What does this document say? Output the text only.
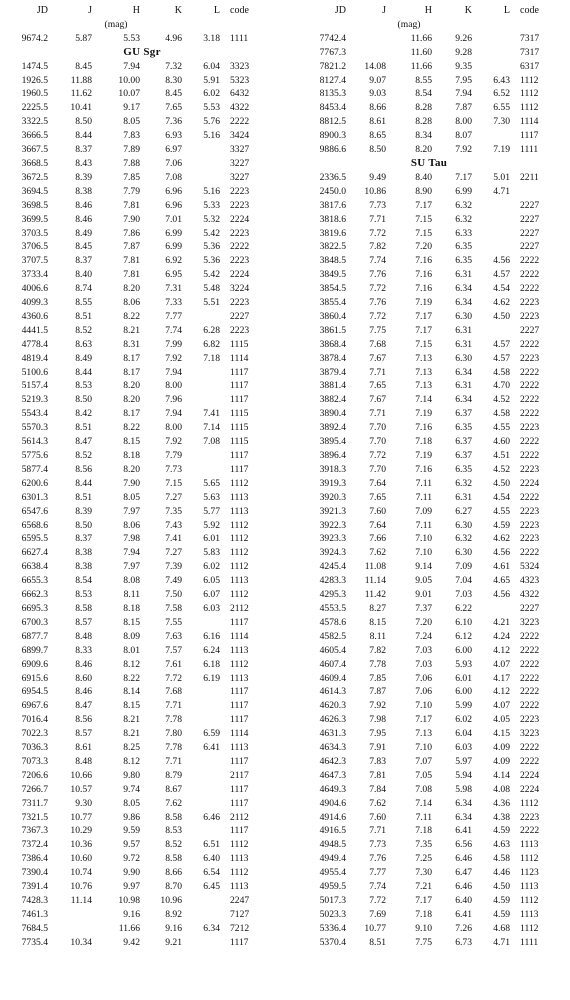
JD	J	H	K	L	code
		(mag)			
9674.2	5.87	5.53	4.96	3.18	1111
GU Sgr					
1474.5	8.45	7.94	7.32	6.04	3323
1926.5	11.88	10.00	8.30	5.91	5323
1960.5	11.62	10.07	8.45	6.02	6432
2225.5	10.41	9.17	7.65	5.53	4322
3322.5	8.50	8.05	7.36	5.76	2222
3666.5	8.44	7.83	6.93	5.16	3424
3667.5	8.37	7.89	6.97		3327
3668.5	8.43	7.88	7.06		3227
3672.5	8.39	7.85	7.08		3227
3694.5	8.38	7.79	6.96	5.16	2223
3698.5	8.46	7.81	6.96	5.33	2223
3699.5	8.46	7.90	7.01	5.32	2224
3703.5	8.49	7.86	6.99	5.42	2223
3706.5	8.45	7.87	6.99	5.36	2222
3707.5	8.37	7.81	6.92	5.36	2223
3733.4	8.40	7.81	6.95	5.42	2224
4006.6	8.74	8.20	7.31	5.48	3224
4099.3	8.55	8.06	7.33	5.51	2223
4360.6	8.51	8.22	7.77		2227
4441.5	8.52	8.21	7.74	6.28	2223
4778.4	8.63	8.31	7.99	6.82	1115
4819.4	8.49	8.17	7.92	7.18	1114
5100.6	8.44	8.17	7.94		1117
5157.4	8.53	8.20	8.00		1117
5219.3	8.50	8.20	7.96		1117
5543.4	8.42	8.17	7.94	7.41	1115
5570.3	8.51	8.22	8.00	7.14	1115
5614.3	8.47	8.15	7.92	7.08	1115
5775.6	8.52	8.18	7.79		1117
5877.4	8.56	8.20	7.73		1117
6200.6	8.44	7.90	7.15	5.65	1112
6301.3	8.51	8.05	7.27	5.63	1113
6547.6	8.39	7.97	7.35	5.77	1113
6568.6	8.50	8.06	7.43	5.92	1112
6595.5	8.37	7.98	7.41	6.01	1112
6627.4	8.38	7.94	7.27	5.83	1112
6638.4	8.38	7.97	7.39	6.02	1112
6655.3	8.54	8.08	7.49	6.05	1113
6662.3	8.53	8.11	7.50	6.07	1112
6695.3	8.58	8.18	7.58	6.03	2112
6700.3	8.57	8.15	7.55		1117
6877.7	8.48	8.09	7.63	6.16	1114
6899.7	8.33	8.01	7.57	6.24	1113
6909.6	8.46	8.12	7.61	6.18	1112
6915.6	8.60	8.22	7.72	6.19	1113
6954.5	8.46	8.14	7.68		1117
6967.6	8.47	8.15	7.71		1117
7016.4	8.56	8.21	7.78		1117
7022.3	8.57	8.21	7.80	6.59	1114
7036.3	8.61	8.25	7.78	6.41	1113
7073.3	8.48	8.12	7.71		1117
7206.6	10.66	9.80	8.79		2117
7266.7	10.57	9.74	8.67		1117
7311.7	9.30	8.05	7.62		1117
7321.5	10.77	9.86	8.58	6.46	2112
7367.3	10.29	9.59	8.53		1117
7372.4	10.36	9.57	8.52	6.51	1112
7386.4	10.60	9.72	8.58	6.40	1113
7390.4	10.74	9.90	8.66	6.54	1112
7391.4	10.76	9.97	8.70	6.45	1113
7428.3	11.14	10.98	10.96		2247
7461.3		9.16	8.92		7127
7684.5		11.66	9.16	6.34	7212
7735.4	10.34	9.42	9.21		1117
JD	J	H	K	L	code
		(mag)			
7742.4		11.66	9.26		7317
7767.3		11.60	9.28		7317
7821.2	14.08	11.66	9.35		6317
8127.4	9.07	8.55	7.95	6.43	1112
8135.3	9.03	8.54	7.94	6.52	1112
8453.4	8.66	8.28	7.87	6.55	1112
8812.5	8.61	8.28	8.00	7.30	1114
8900.3	8.65	8.34	8.07		1117
9886.6	8.50	8.20	7.92	7.19	1111
SU Tau					
2336.5	9.49	8.40	7.17	5.01	2211
2450.0	10.86	8.90	6.99	4.71	
3817.6	7.73	7.17	6.32		2227
3818.6	7.71	7.15	6.32		2227
3819.6	7.72	7.15	6.33		2227
3822.5	7.82	7.20	6.35		2227
3848.5	7.74	7.16	6.35	4.56	2222
3849.5	7.76	7.16	6.31	4.57	2222
3854.5	7.72	7.16	6.34	4.54	2222
3855.4	7.76	7.19	6.34	4.62	2223
3860.4	7.72	7.17	6.30	4.50	2223
3861.5	7.75	7.17	6.31		2227
3868.4	7.68	7.15	6.31	4.57	2222
3878.4	7.67	7.13	6.30	4.57	2223
3879.4	7.71	7.13	6.34	4.58	2222
3881.4	7.65	7.13	6.31	4.70	2222
3882.4	7.67	7.14	6.34	4.52	2222
3890.4	7.71	7.19	6.37	4.58	2222
3892.4	7.70	7.16	6.35	4.55	2223
3895.4	7.70	7.18	6.37	4.60	2222
3896.4	7.72	7.19	6.37	4.51	2222
3918.3	7.70	7.16	6.35	4.52	2223
3919.3	7.64	7.11	6.32	4.50	2224
3920.3	7.65	7.11	6.31	4.54	2222
3921.3	7.60	7.09	6.27	4.55	2223
3922.3	7.64	7.11	6.30	4.59	2223
3923.3	7.66	7.10	6.32	4.62	2223
3924.3	7.62	7.10	6.30	4.56	2222
4245.4	11.08	9.14	7.09	4.61	5324
4283.3	11.14	9.05	7.04	4.65	4323
4295.3	11.42	9.01	7.03	4.56	4322
4553.5	8.27	7.37	6.22		2227
4578.6	8.15	7.20	6.10	4.21	3223
4582.5	8.11	7.24	6.12	4.24	2222
4605.4	7.82	7.03	6.00	4.12	2222
4607.4	7.78	7.03	5.93	4.07	2222
4609.4	7.85	7.06	6.01	4.17	2222
4614.3	7.87	7.06	6.00	4.12	2222
4620.3	7.92	7.10	5.99	4.07	2222
4626.3	7.98	7.17	6.02	4.05	2223
4631.3	7.95	7.13	6.04	4.15	3223
4634.3	7.91	7.10	6.03	4.09	2222
4642.3	7.83	7.07	5.97	4.09	2222
4647.3	7.81	7.05	5.94	4.14	2224
4649.3	7.84	7.08	5.98	4.08	2224
4904.6	7.62	7.14	6.34	4.36	1112
4914.6	7.60	7.11	6.34	4.38	2223
4916.5	7.71	7.18	6.41	4.59	2222
4948.5	7.73	7.35	6.56	4.63	1113
4949.4	7.76	7.25	6.46	4.58	1112
4955.4	7.77	7.30	6.47	4.46	1123
4959.5	7.74	7.21	6.46	4.50	1113
5017.3	7.72	7.17	6.40	4.59	1112
5023.3	7.69	7.18	6.41	4.59	1113
5336.4	10.77	9.10	7.26	4.68	1112
5370.4	8.51	7.75	6.73	4.71	1111
